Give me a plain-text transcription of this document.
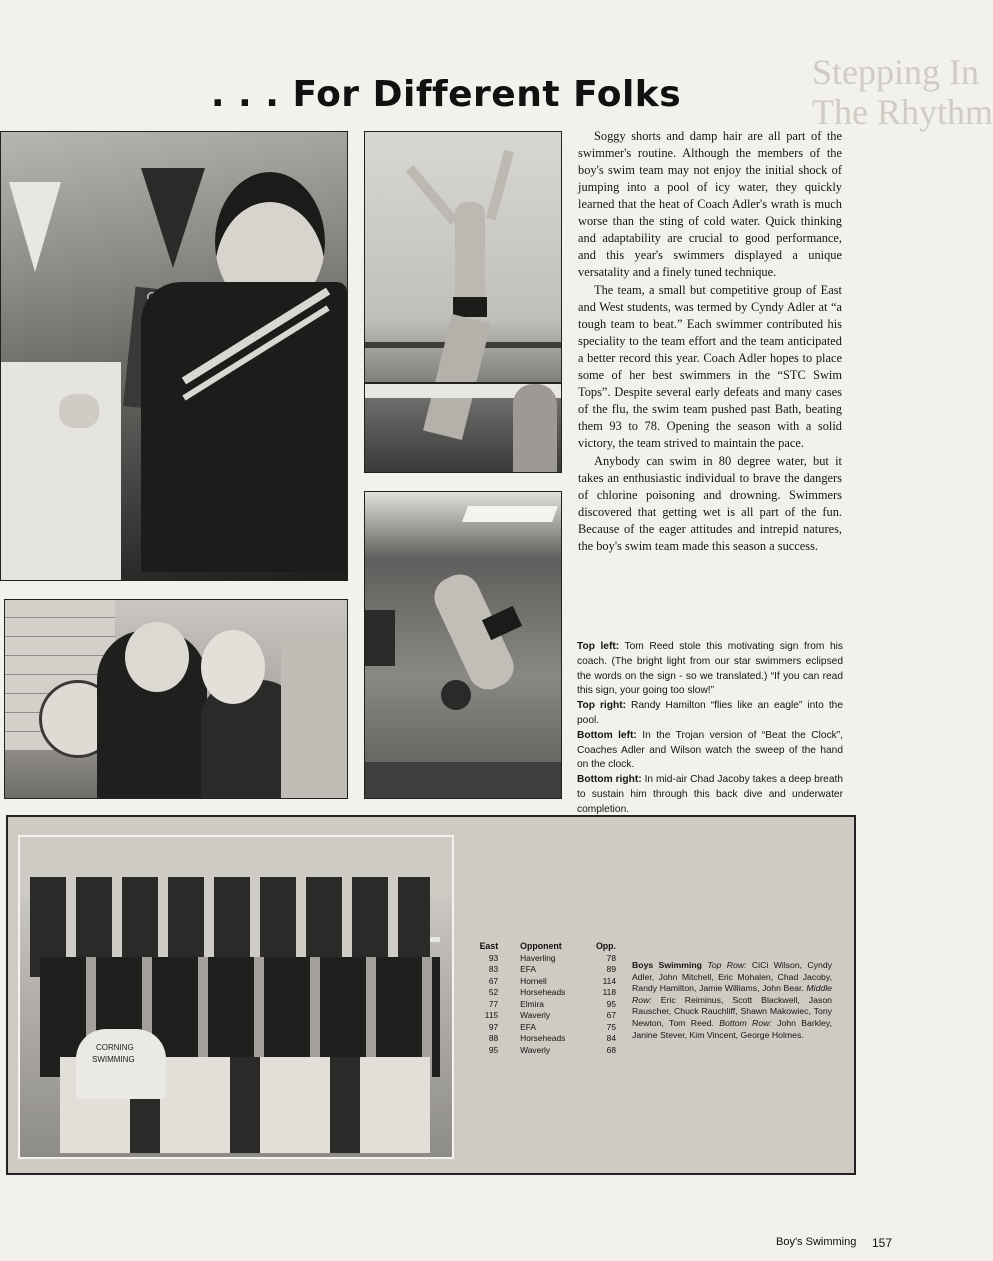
Stepping In
The Rhythm
. . . For Different Folks

Soggy shorts and damp hair are all part of the swimmer's routine. Although the members of the boy's swim team may not enjoy the initial shock of jumping into a pool of icy water, they quickly learned that the heat of Coach Adler's wrath is much worse than the sting of cold water. Quick thinking and adaptability are crucial to good performance, and this year's swimmers displayed a unique versatality and a finely tuned technique.

The team, a small but competitive group of East and West students, was termed by Cyndy Adler at “a tough team to beat.” Each swimmer contributed his speciality to the team effort and the team anticipated a better record this year. Coach Adler hopes to place some of her best swimmers in the “STC Swim Tops”. Despite several early defeats and many cases of the flu, the swim team pushed past Bath, beating them 93 to 78. Opening the season with a solid victory, the team strived to maintain the pace.

Anybody can swim in 80 degree water, but it takes an enthusiastic individual to brave the dangers of chlorine poisoning and drowning. Swimmers discovered that getting wet is all part of the fun. Because of the eager attitudes and intrepid natures, the boy's swim team made this season a success.

Top left: Tom Reed stole this motivating sign from his coach. (The bright light from our star swimmers eclipsed the words on the sign - so we translated.) “If you can read this sign, your going too slow!”

Top right: Randy Hamilton “flies like an eagle” into the pool.

Bottom left: In the Trojan version of “Beat the Clock”, Coaches Adler and Wilson watch the sweep of the hand on the clock.

Bottom right: In mid-air Chad Jacoby takes a deep breath to sustain him through this back dive and underwater completion.

CORNING
SWIMMING
East	Opponent	Opp.
93	Haverling	78
83	EFA	89
67	Hornell	114
52	Horseheads	118
77	Elmira	95
115	Waverly	67
97	EFA	75
88	Horseheads	84
95	Waverly	68
Boys Swimming Top Row: CiCi Wilson, Cyndy Adler, John Mitchell, Eric Mohalen, Chad Jacoby, Randy Hamilton, Jamie Williams, John Bear. Middle Row: Eric Reiminus, Scott Blackwell, Jason Rauscher, Chuck Rauchliff, Shawn Makowiec, Tony Newton, Tom Reed. Bottom Row: John Barkley, Janine Stever, Kim Vincent, George Holmes.
Boy's Swimming 157
